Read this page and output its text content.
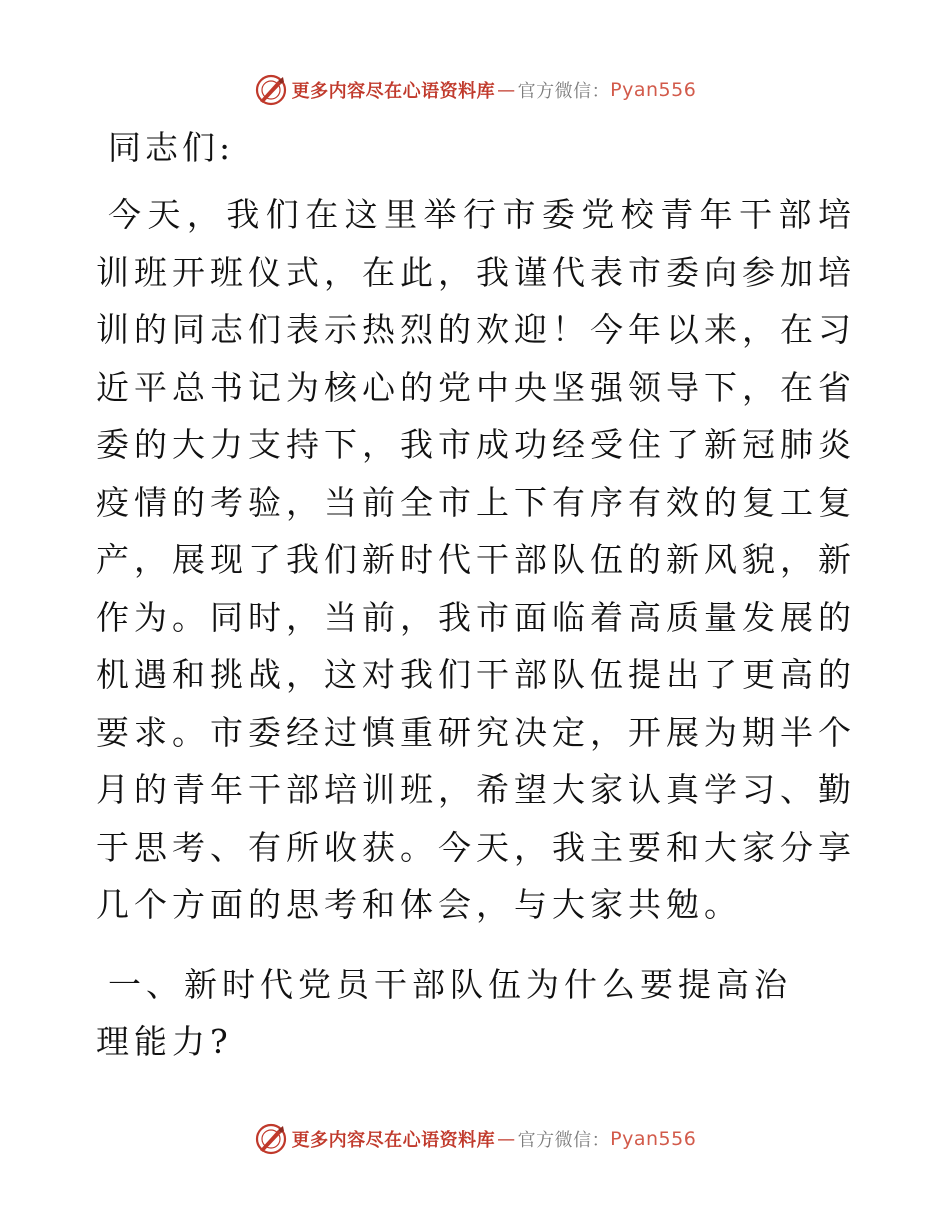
更多内容尽在心语资料库 — 官方微信： Pyan556

同志们:

今天，我们在这里举行市委党校青年干部培训班开班仪式，在此，我谨代表市委向参加培训的同志们表示热烈的欢迎！今年以来，在习近平总书记为核心的党中央坚强领导下，在省委的大力支持下，我市成功经受住了新冠肺炎疫情的考验，当前全市上下有序有效的复工复产，展现了我们新时代干部队伍的新风貌，新作为。同时，当前，我市面临着高质量发展的机遇和挑战，这对我们干部队伍提出了更高的要求。市委经过慎重研究决定，开展为期半个月的青年干部培训班，希望大家认真学习、勤于思考、有所收获。今天，我主要和大家分享几个方面的思考和体会，与大家共勉。

一、新时代党员干部队伍为什么要提高治理能力?

更多内容尽在心语资料库 — 官方微信： Pyan556
